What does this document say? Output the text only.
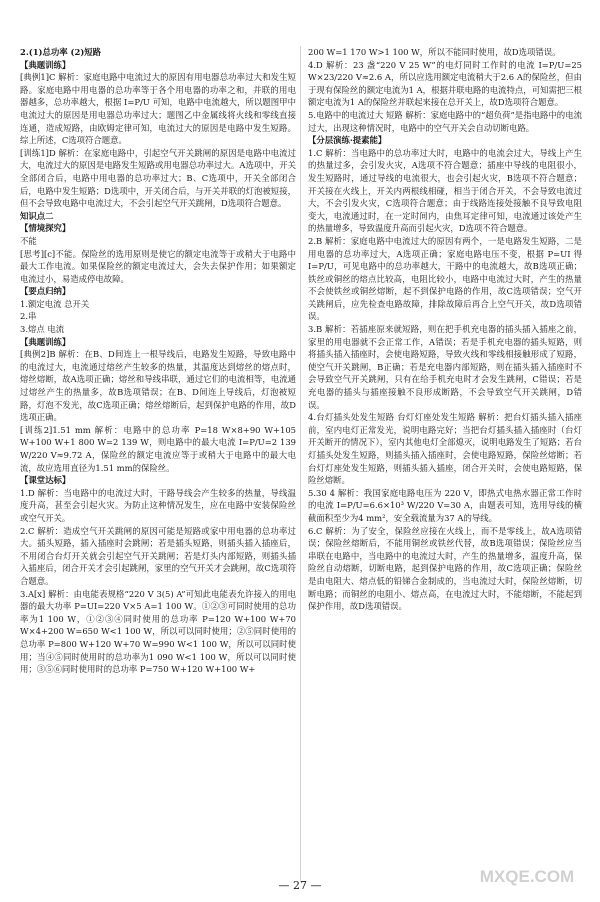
2.(1)总功率 (2)短路

【典题训练】

[典例1]C 解析：家庭电路中电流过大的原因有用电器总功率过大和发生短路。家庭电路中用电器的总功率等于各个用电器的功率之和，并联的用电器越多，总功率越大，根据 I=P/U 可知，电路中电流越大，所以题图甲中电流过大的原因是用电器总功率过大；题图乙中金属线将火线和零线直接连通，造成短路，由欧姆定律可知，电流过大的原因是电路中发生短路。综上所述，C选项符合题意。

[训练1]D 解析：在家庭电路中，引起空气开关跳闸的原因是电路中电流过大，电流过大的原因是电路发生短路或用电器总功率过大。A选项中，开关全部闭合后，电路中用电器的总功率过大；B、C选项中，开关全部闭合后，电路中发生短路；D选项中，开关闭合后，与开关并联的灯泡被短接，但不会导致电路中电流过大，不会引起空气开关跳闸，D选项符合题意。

知识点二

【情境探究】

不能

[思考][c]不能。保险丝的选用原则是使它的额定电流等于或稍大于电路中最大工作电流。如果保险丝的额定电流过大，会失去保护作用；如果额定电流过小，易造成停电故障。

【要点归纳】

1.额定电流 总开关

2.串

3.熔点 电流

【典题训练】

[典例2]B 解析：在B、D间连上一根导线后，电路发生短路，导致电路中的电流过大，电流通过熔丝产生较多的热量，其温度达到熔丝的熔点时，熔丝熔断，故A选项正确；熔丝和导线串联，通过它们的电流相等，电流通过熔丝产生的热量多，故B选项错误；在B、D间连上导线后，灯泡被短路，灯泡不发光，故C选项正确；熔丝熔断后，起到保护电路的作用，故D选项正确。

[训练2]1.51 mm 解析：电路中的总功率 P=18 W×8+90 W+105 W+100 W+1 800 W=2 139 W，则电路中的最大电流 I=P/U=2 139 W/220 V≈9.72 A，保险丝的额定电流应等于或稍大于电路中的最大电流，故应选用直径为1.51 mm的保险丝。

【课堂达标】

1.D 解析：当电路中的电流过大时，干路导线会产生较多的热量，导线温度升高，甚至会引起火灾。为防止这种情况发生，应在电路中安装保险丝或空气开关。

2.C 解析：造成空气开关跳闸的原因可能是短路或家中用电器的总功率过大。插头短路，插入插座时会跳闸；若是插头短路，则插头插入插座后，不用闭合台灯开关就会引起空气开关跳闸；若是灯头内部短路，则插头插入插座后，闭合开关才会引起跳闸，家里的空气开关才会跳闸，故C选项符合题意。

3.A[x] 解析：由电能表规格“220 V 3(5) A”可知此电能表允许接入的用电器的最大功率 P=UI=220 V×5 A=1 100 W。①②③可同时使用的总功率为1 100 W，①②③④同时使用的总功率 P=120 W+100 W+70 W×4+200 W=650 W<1 100 W，所以可以同时使用；②⑤同时使用的总功率 P=800 W+120 W+70 W=990 W<1 100 W，所以可以同时使用；当④⑤同时使用时的总功率为1 090 W<1 100 W，所以可以同时使用；③⑤⑥同时使用时的总功率 P=750 W+120 W+100 W+

200 W=1 170 W>1 100 W，所以不能同时使用，故D选项错误。

4.D 解析：23 盏“220 V 25 W”的电灯同时工作时的电流 I=P/U=25 W×23/220 V≈2.6 A，所以应选用额定电流稍大于2.6 A的保险丝，但由于现有保险丝的额定电流为1 A，根据并联电路的电流特点，可知需把三根额定电流为1 A的保险丝并联起来接在总开关上，故D选项符合题意。

5.电路中的电流过大 短路 解析：家庭电路中的“超负荷”是指电路中的电流过大，出现这种情况时，电路中的空气开关会自动切断电路。

【分层演练·提素能】

1.C 解析：当电路中的总功率过大时，电路中的电流会过大，导线上产生的热量过多，会引发火灾，A选项不符合题意；插座中导线的电阻很小，发生短路时，通过导线的电流很大，也会引起火灾，B选项不符合题意；开关接在火线上，开关内两根线相碰，相当于闭合开关，不会导致电流过大，不会引发火灾，C选项符合题意；由于线路连接处接触不良导致电阻变大，电流通过时，在一定时间内，由焦耳定律可知，电流通过该处产生的热量增多，导致温度升高而引起火灾，D选项不符合题意。

2.B 解析：家庭电路中电流过大的原因有两个，一是电路发生短路，二是用电器的总功率过大，A选项正确；家庭电路电压不变，根据 P=UI 得 I=P/U，可见电路中的总功率越大，干路中的电流越大，故B选项正确；铁丝或铜丝的熔点比较高，电阻比较小，电路中电流过大时，产生的热量不会使铁丝或铜丝熔断，起不到保护电路的作用，故C选项错误；空气开关跳闸后，应先检查电路故障，排除故障后再合上空气开关，故D选项错误。

3.B 解析：若插座原来就短路，则在把手机充电器的插头插入插座之前，家里的用电器就不会正常工作，A错误；若是手机充电器的插头短路，则将插头插入插座时，会使电路短路，导致火线和零线相接触形成了短路，使空气开关跳闸，B正确；若是充电器内部短路，则在插头插入插座时不会导致空气开关跳闸，只有在给手机充电时才会发生跳闸，C错误；若是充电器的插头与插座接触不良形成断路，不会导致空气开关跳闸，D错误。

4.台灯插头处发生短路 台灯灯座处发生短路 解析：把台灯插头插入插座前，室内电灯正常发光，说明电路完好；当把台灯插头插入插座时（台灯开关断开的情况下），室内其他电灯全部熄灭，说明电路发生了短路；若台灯插头处发生短路，则插头插入插座时，会使电路短路，保险丝熔断；若台灯灯座处发生短路，则插头插入插座，闭合开关时，会使电路短路，保险丝熔断。

5.30 4 解析：我国家庭电路电压为 220 V，即热式电热水器正常工作时的电流 I=P/U=6.6×10³ W/220 V=30 A，由题表可知，选用导线的横截面积至少为4 mm²，安全载流量为37 A的导线。

6.C 解析：为了安全，保险丝应接在火线上，而不是零线上，故A选项错误；保险丝熔断后，不能用铜丝或铁丝代替，故B选项错误；保险丝应当串联在电路中，当电路中的电流过大时，产生的热量增多，温度升高，保险丝自动熔断，切断电路，起到保护电路的作用，故C选项正确；保险丝是由电阻大、熔点低的铅锑合金制成的，当电流过大时，保险丝熔断，切断电路；而铜丝的电阻小、熔点高，在电流过大时，不能熔断，不能起到保护作用，故D选项错误。

— 27 —	MXQE.COM
